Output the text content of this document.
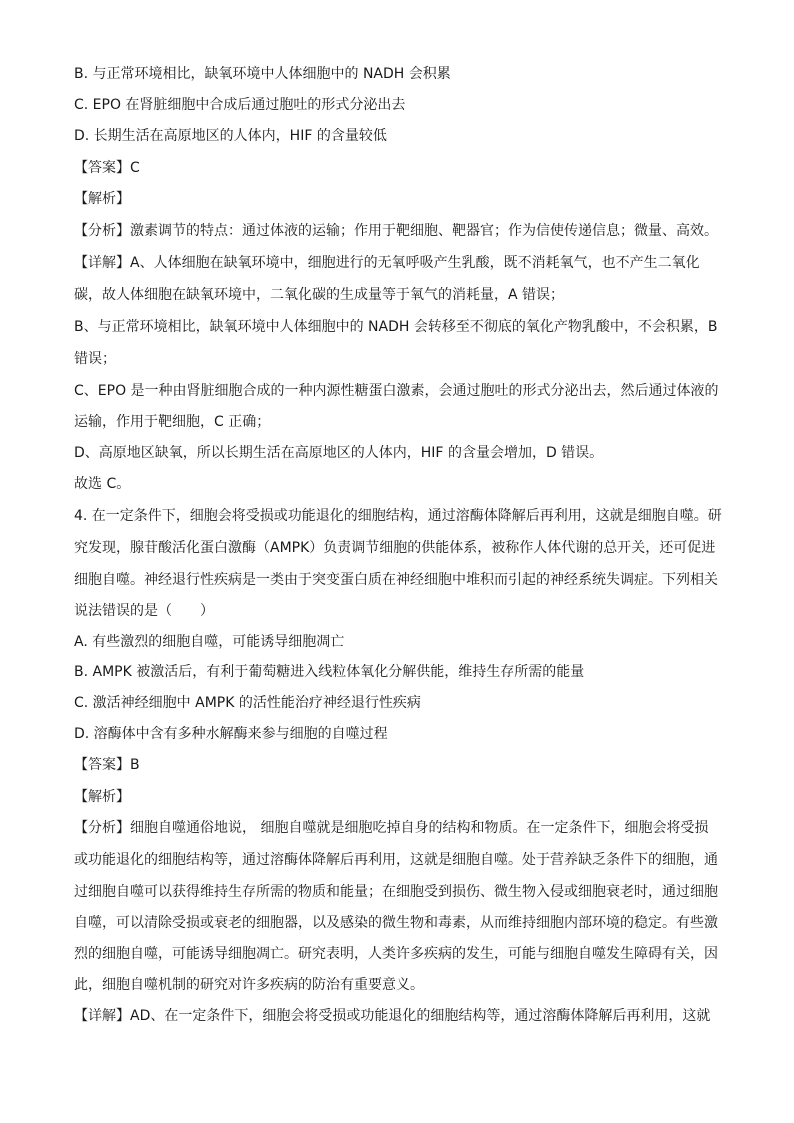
B. 与正常环境相比，缺氧环境中人体细胞中的 NADH 会积累
C. EPO 在肾脏细胞中合成后通过胞吐的形式分泌出去
D. 长期生活在高原地区的人体内，HIF 的含量较低
【答案】C
【解析】
【分析】激素调节的特点：通过体液的运输；作用于靶细胞、靶器官；作为信使传递信息；微量、高效。
【详解】A、人体细胞在缺氧环境中，细胞进行的无氧呼吸产生乳酸，既不消耗氧气，也不产生二氧化
碳，故人体细胞在缺氧环境中，二氧化碳的生成量等于氧气的消耗量，A 错误；
B、与正常环境相比，缺氧环境中人体细胞中的 NADH 会转移至不彻底的氧化产物乳酸中，不会积累，B
错误；
C、EPO 是一种由肾脏细胞合成的一种内源性糖蛋白激素，会通过胞吐的形式分泌出去，然后通过体液的
运输，作用于靶细胞，C 正确；
D、高原地区缺氧，所以长期生活在高原地区的人体内，HIF 的含量会增加，D 错误。
故选 C。
4. 在一定条件下，细胞会将受损或功能退化的细胞结构，通过溶酶体降解后再利用，这就是细胞自噬。研
究发现，腺苷酸活化蛋白激酶（AMPK）负责调节细胞的供能体系，被称作人体代谢的总开关，还可促进
细胞自噬。神经退行性疾病是一类由于突变蛋白质在神经细胞中堆积而引起的神经系统失调症。下列相关
说法错误的是（　　）
A. 有些激烈的细胞自噬，可能诱导细胞凋亡
B. AMPK 被激活后，有利于葡萄糖进入线粒体氧化分解供能，维持生存所需的能量
C. 激活神经细胞中 AMPK 的活性能治疗神经退行性疾病
D. 溶酶体中含有多种水解酶来参与细胞的自噬过程
【答案】B
【解析】
【分析】细胞自噬通俗地说， 细胞自噬就是细胞吃掉自身的结构和物质。在一定条件下，细胞会将受损
或功能退化的细胞结构等，通过溶酶体降解后再利用，这就是细胞自噬。处于营养缺乏条件下的细胞，通
过细胞自噬可以获得维持生存所需的物质和能量；在细胞受到损伤、微生物入侵或细胞衰老时，通过细胞
自噬，可以清除受损或衰老的细胞器，以及感染的微生物和毒素，从而维持细胞内部环境的稳定。有些激
烈的细胞自噬，可能诱导细胞凋亡。研究表明，人类许多疾病的发生，可能与细胞自噬发生障碍有关，因
此，细胞自噬机制的研究对许多疾病的防治有重要意义。
【详解】AD、在一定条件下，细胞会将受损或功能退化的细胞结构等，通过溶酶体降解后再利用，这就
